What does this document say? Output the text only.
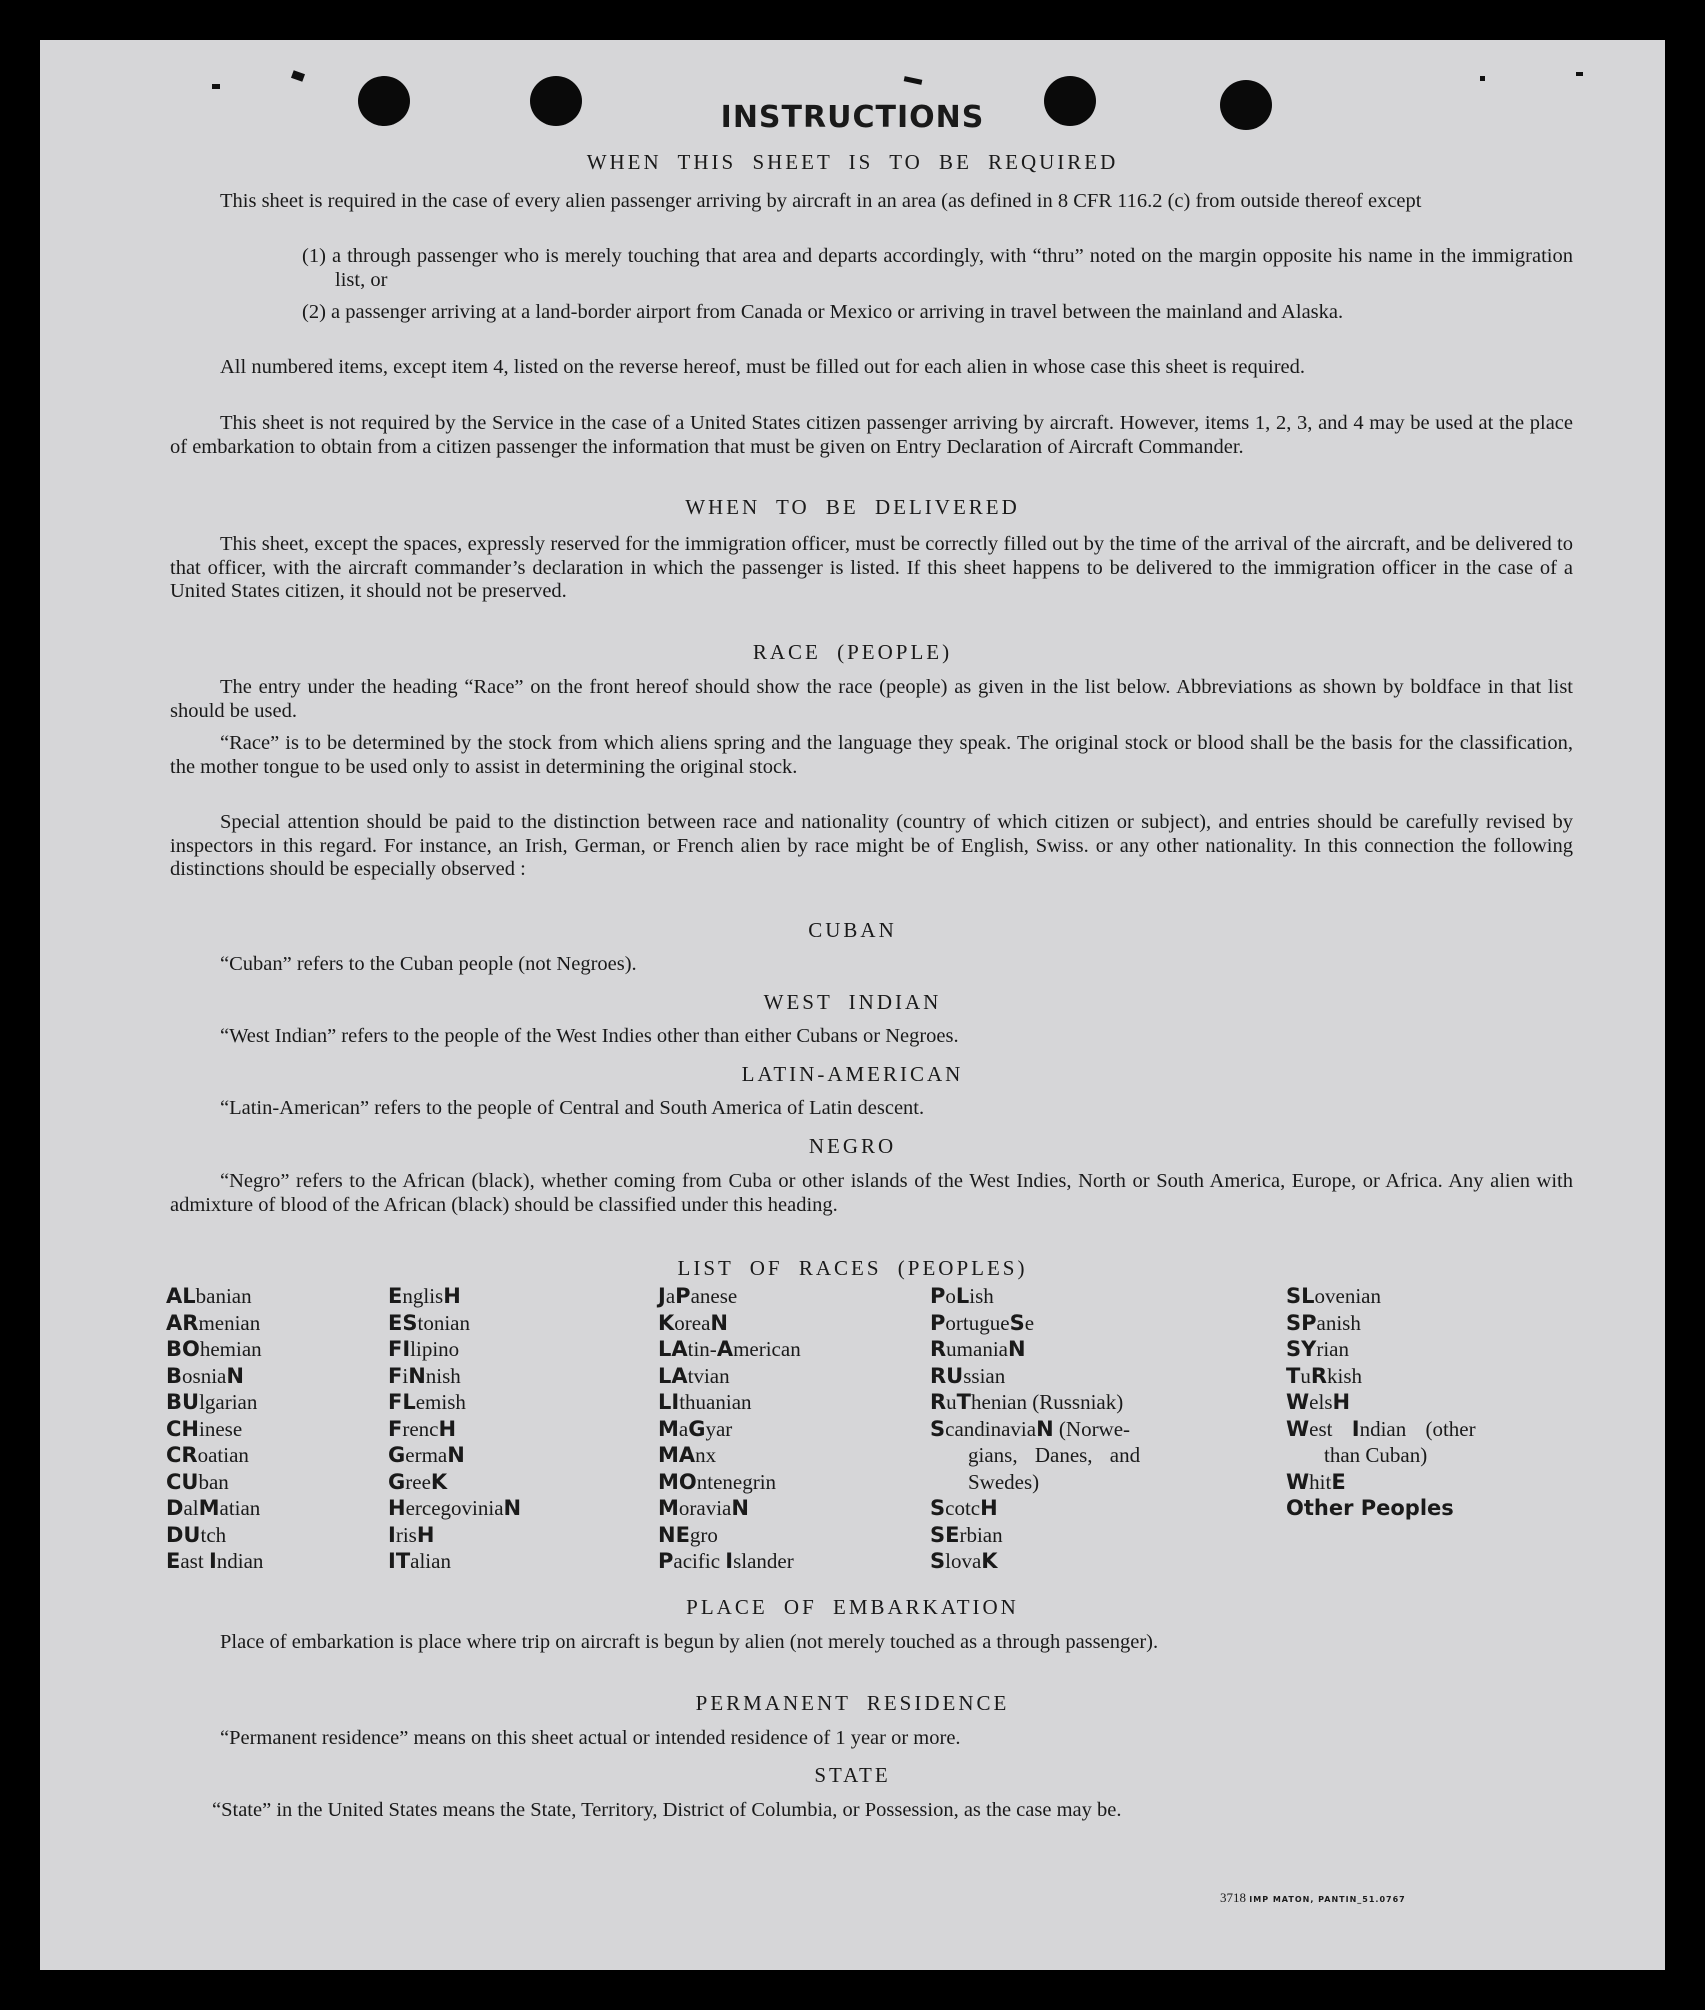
INSTRUCTIONS
WHEN THIS SHEET IS TO BE REQUIRED
This sheet is required in the case of every alien passenger arriving by aircraft in an area (as defined in 8 CFR 116.2 (c) from outside thereof except
(1) a through passenger who is merely touching that area and departs accordingly, with “thru” noted on the margin opposite his name in the immigration list, or
(2) a passenger arriving at a land-border airport from Canada or Mexico or arriving in travel between the mainland and Alaska.
All numbered items, except item 4, listed on the reverse hereof, must be filled out for each alien in whose case this sheet is required.
This sheet is not required by the Service in the case of a United States citizen passenger arriving by aircraft. However, items 1, 2, 3, and 4 may be used at the place of embarkation to obtain from a citizen passenger the information that must be given on Entry Declaration of Aircraft Commander.
WHEN TO BE DELIVERED
This sheet, except the spaces, expressly reserved for the immigration officer, must be correctly filled out by the time of the arrival of the aircraft, and be delivered to that officer, with the aircraft commander’s declaration in which the passenger is listed. If this sheet happens to be delivered to the immigration officer in the case of a United States citizen, it should not be preserved.
RACE (PEOPLE)
The entry under the heading “Race” on the front hereof should show the race (people) as given in the list below. Abbreviations as shown by boldface in that list should be used.
“Race” is to be determined by the stock from which aliens spring and the language they speak. The original stock or blood shall be the basis for the classification, the mother tongue to be used only to assist in determining the original stock.
Special attention should be paid to the distinction between race and nationality (country of which citizen or subject), and entries should be carefully revised by inspectors in this regard. For instance, an Irish, German, or French alien by race might be of English, Swiss. or any other nationality. In this connection the following distinctions should be especially observed :
CUBAN
“Cuban” refers to the Cuban people (not Negroes).
WEST INDIAN
“West Indian” refers to the people of the West Indies other than either Cubans or Negroes.
LATIN-AMERICAN
“Latin-American” refers to the people of Central and South America of Latin descent.
NEGRO
“Negro” refers to the African (black), whether coming from Cuba or other islands of the West Indies, North or South America, Europe, or Africa. Any alien with admixture of blood of the African (black) should be classified under this heading.
LIST OF RACES (PEOPLES)
ALbanian
ARmenian
BOhemian
BosniaN
BUlgarian
CHinese
CRoatian
CUban
DalMatian
DUtch
East Indian
EnglisH
EStonian
FIlipino
FiNnish
FLemish
FrencH
GermaN
GreeK
HercegoviniaN
IrisH
ITalian
JaPanese
KoreaN
LAtin-American
LAtvian
LIthuanian
MaGyar
MAnx
MOntenegrin
MoraviaN
NEgro
Pacific Islander
PoLish
PortugueSe
RumaniaN
RUssian
RuThenian (Russniak)
ScandinaviaN (Norwe-
gians, Danes, and
Swedes)
ScotcH
SErbian
SlovaK
SLovenian
SPanish
SYrian
TuRkish
WelsH
West Indian (other
than Cuban)
WhitE
Other Peoples
PLACE OF EMBARKATION
Place of embarkation is place where trip on aircraft is begun by alien (not merely touched as a through passenger).
PERMANENT RESIDENCE
“Permanent residence” means on this sheet actual or intended residence of 1 year or more.
STATE
“State” in the United States means the State, Territory, District of Columbia, or Possession, as the case may be.
3718 IMP MATON, PANTIN_51.0767
